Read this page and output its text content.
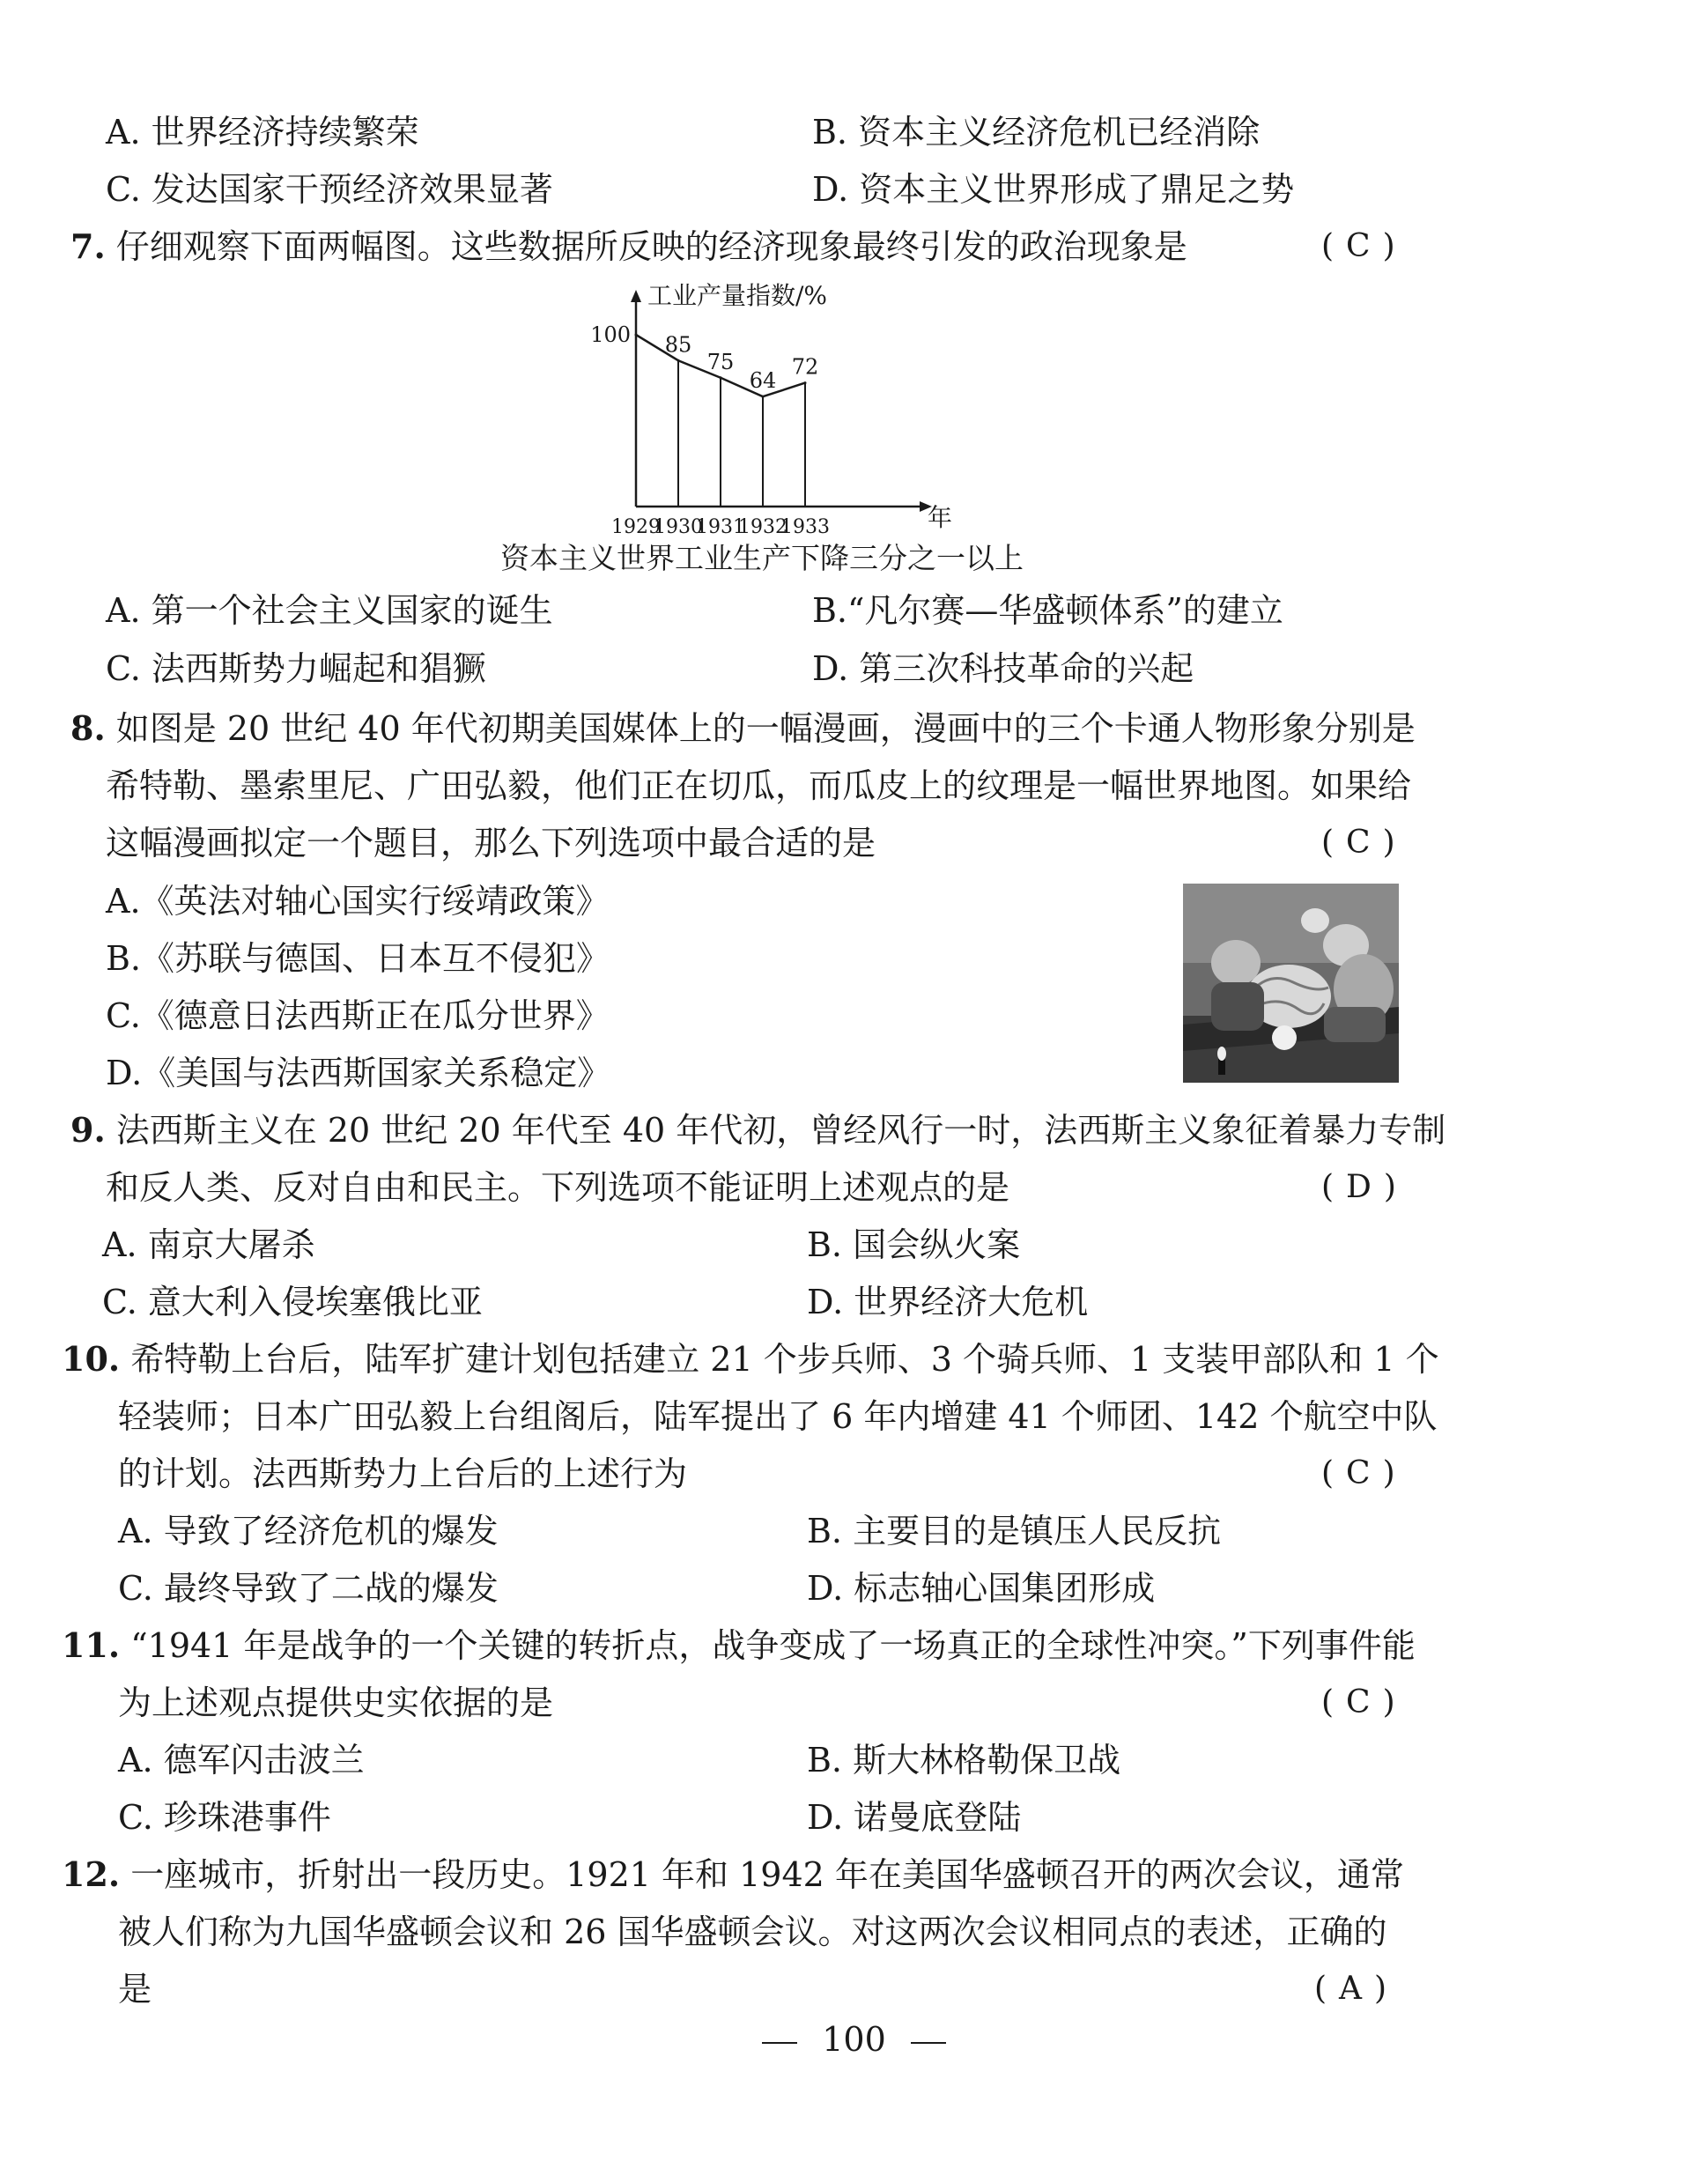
A. 世界经济持续繁荣	B. 资本主义经济危机已经消除
C. 发达国家干预经济效果显著	D. 资本主义世界形成了鼎足之势
7. 仔细观察下面两幅图。这些数据所反映的经济现象最终引发的政治现象是	(C)
100 85
75
64
72
1929
1930
1931
1932
1933
工业产量指数/%
年
资本主义世界工业生产下降三分之一以上
A. 第一个社会主义国家的诞生	B.“凡尔赛—华盛顿体系”的建立
C. 法西斯势力崛起和猖獗	D. 第三次科技革命的兴起
8. 如图是 20 世纪 40 年代初期美国媒体上的一幅漫画，漫画中的三个卡通人物形象分别是
希特勒、墨索里尼、广田弘毅，他们正在切瓜，而瓜皮上的纹理是一幅世界地图。如果给
这幅漫画拟定一个题目，那么下列选项中最合适的是	(C)
A.《英法对轴心国实行绥靖政策》
B.《苏联与德国、日本互不侵犯》
C.《德意日法西斯正在瓜分世界》
D.《美国与法西斯国家关系稳定》
9. 法西斯主义在 20 世纪 20 年代至 40 年代初，曾经风行一时，法西斯主义象征着暴力专制
和反人类、反对自由和民主。下列选项不能证明上述观点的是	(D)
A. 南京大屠杀	B. 国会纵火案
C. 意大利入侵埃塞俄比亚	D. 世界经济大危机
10. 希特勒上台后，陆军扩建计划包括建立 21 个步兵师、3 个骑兵师、1 支装甲部队和 1 个
轻装师；日本广田弘毅上台组阁后，陆军提出了 6 年内增建 41 个师团、142 个航空中队
的计划。法西斯势力上台后的上述行为	(C)
A. 导致了经济危机的爆发	B. 主要目的是镇压人民反抗
C. 最终导致了二战的爆发	D. 标志轴心国集团形成
11. “1941 年是战争的一个关键的转折点，战争变成了一场真正的全球性冲突。”下列事件能
为上述观点提供史实依据的是	(C)
A. 德军闪击波兰	B. 斯大林格勒保卫战
C. 珍珠港事件	D. 诺曼底登陆
12. 一座城市，折射出一段历史。1921 年和 1942 年在美国华盛顿召开的两次会议，通常
被人们称为九国华盛顿会议和 26 国华盛顿会议。对这两次会议相同点的表述，正确的
是	(A)
100
